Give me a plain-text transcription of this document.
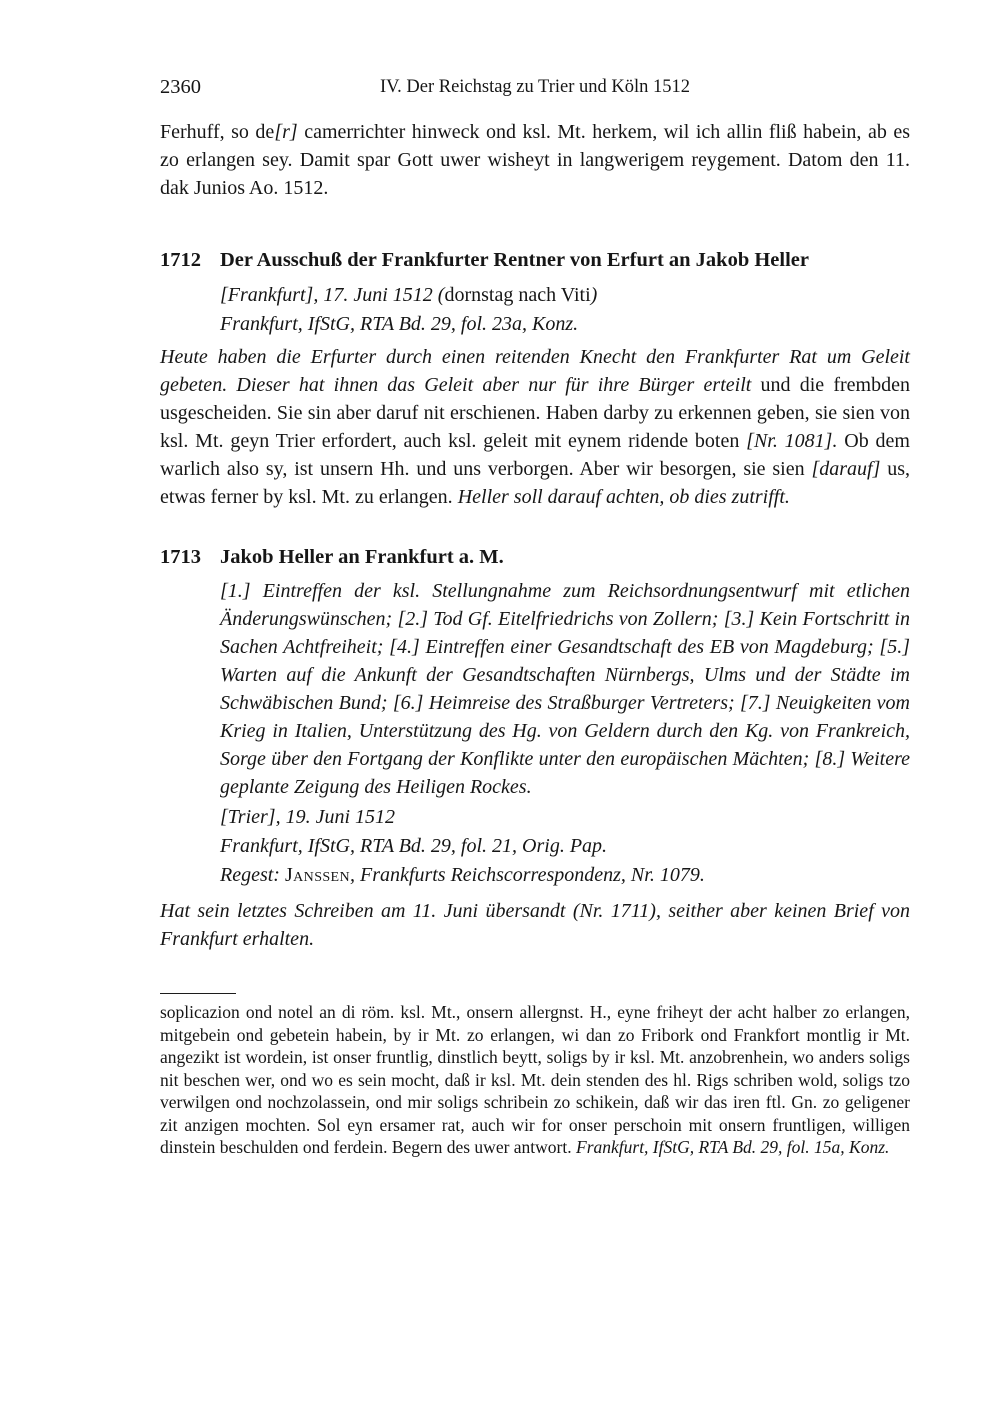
2360	IV. Der Reichstag zu Trier und Köln 1512

Ferhuff, so de[r] camerrichter hinweck ond ksl. Mt. herkem, wil ich allin fliß habein, ab es zo erlangen sey. Damit spar Gott uwer wisheyt in langwerigem reygement. Datom den 11. dak Junios Ao. 1512.

1712 Der Ausschuß der Frankfurter Rentner von Erfurt an Jakob Heller

[Frankfurt], 17. Juni 1512 (dornstag nach Viti)

Frankfurt, IfStG, RTA Bd. 29, fol. 23a, Konz.

Heute haben die Erfurter durch einen reitenden Knecht den Frankfurter Rat um Geleit gebeten. Dieser hat ihnen das Geleit aber nur für ihre Bürger erteilt und die frembden usgescheiden. Sie sin aber daruf nit erschienen. Haben darby zu erkennen geben, sie sien von ksl. Mt. geyn Trier erfordert, auch ksl. geleit mit eynem ridende boten [Nr. 1081]. Ob dem warlich also sy, ist unsern Hh. und uns verborgen. Aber wir besorgen, sie sien [darauf] us, etwas ferner by ksl. Mt. zu erlangen. Heller soll darauf achten, ob dies zutrifft.

1713 Jakob Heller an Frankfurt a. M.

[1.] Eintreffen der ksl. Stellungnahme zum Reichsordnungsentwurf mit etlichen Änderungswünschen; [2.] Tod Gf. Eitelfriedrichs von Zollern; [3.] Kein Fortschritt in Sachen Achtfreiheit; [4.] Eintreffen einer Gesandtschaft des EB von Magdeburg; [5.] Warten auf die Ankunft der Gesandtschaften Nürnbergs, Ulms und der Städte im Schwäbischen Bund; [6.] Heimreise des Straßburger Vertreters; [7.] Neuigkeiten vom Krieg in Italien, Unterstützung des Hg. von Geldern durch den Kg. von Frankreich, Sorge über den Fortgang der Konflikte unter den europäischen Mächten; [8.] Weitere geplante Zeigung des Heiligen Rockes.

[Trier], 19. Juni 1512

Frankfurt, IfStG, RTA Bd. 29, fol. 21, Orig. Pap.

Regest: Janssen, Frankfurts Reichscorrespondenz, Nr. 1079.

Hat sein letztes Schreiben am 11. Juni übersandt (Nr. 1711), seither aber keinen Brief von Frankfurt erhalten.

soplicazion ond notel an di röm. ksl. Mt., onsern allergnst. H., eyne friheyt der acht halber zo erlangen, mitgebein ond gebetein habein, by ir Mt. zo erlangen, wi dan zo Fribork ond Frankfort montlig ir Mt. angezikt ist wordein, ist onser fruntlig, dinstlich beytt, soligs by ir ksl. Mt. anzobrenhein, wo anders soligs nit beschen wer, ond wo es sein mocht, daß ir ksl. Mt. dein stenden des hl. Rigs schriben wold, soligs tzo verwilgen ond nochzolassein, ond mir soligs schribein zo schikein, daß wir das iren ftl. Gn. zo geligener zit anzigen mochten. Sol eyn ersamer rat, auch wir for onser perschoin mit onsern fruntligen, willigen dinstein beschulden ond ferdein. Begern des uwer antwort. Frankfurt, IfStG, RTA Bd. 29, fol. 15a, Konz.
